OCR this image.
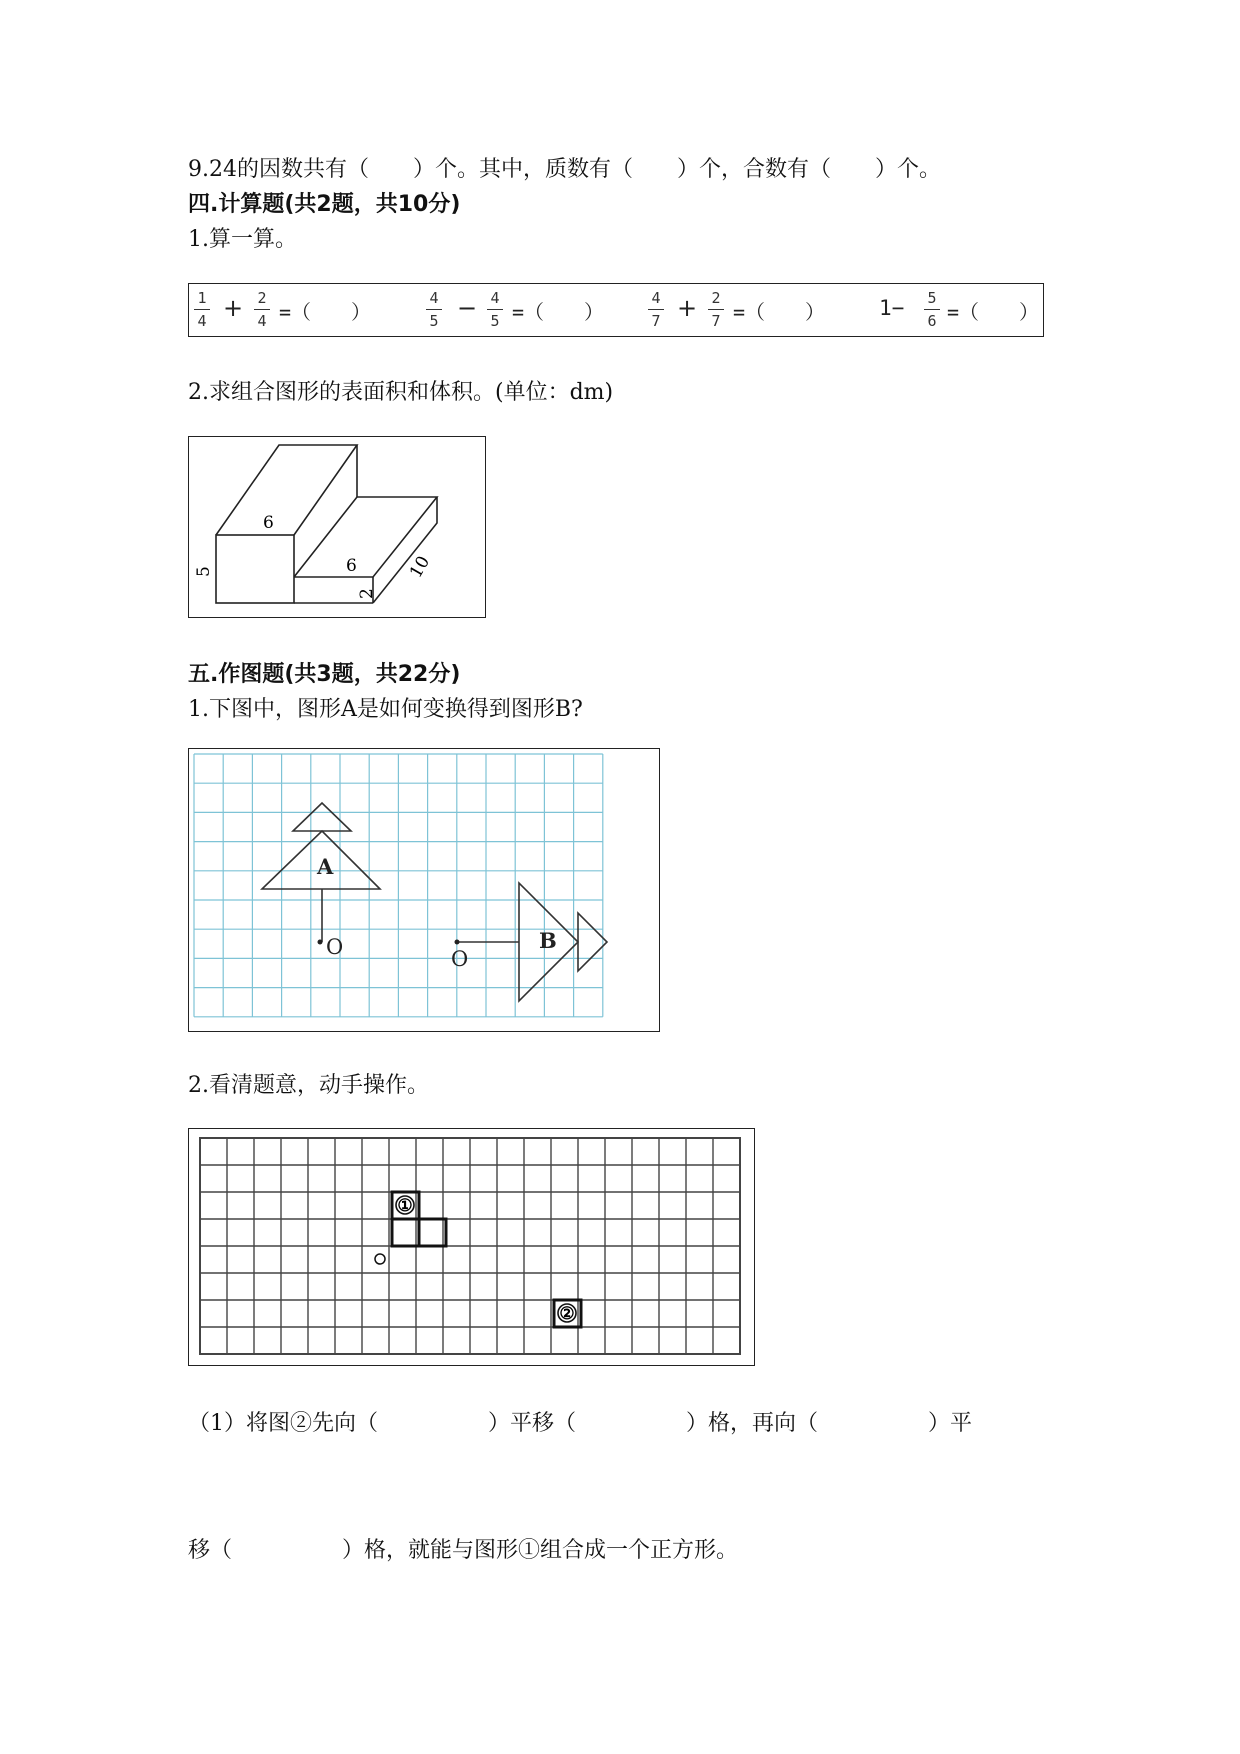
9.24的因数共有（　　）个。其中，质数有（　　）个，合数有（　　）个。
四.计算题(共2题，共10分)
1.算一算。
1
4 + 2
4 =（　　）
4
5 − 4
5 =（　　）
4
7 + 2
7 =（　　）	1−	5
6 =（　　）
2.求组合图形的表面积和体积。(单位：dm)
6
5	6
2
10
五.作图题(共3题，共22分)
1.下图中，图形A是如何变换得到图形B?
A
O	O
B
2.看清题意，动手操作。
①
②
O
（1）将图②先向（　　　　　）平移（　　　　　）格，再向（　　　　　）平
移（　　　　　）格，就能与图形①组合成一个正方形。
